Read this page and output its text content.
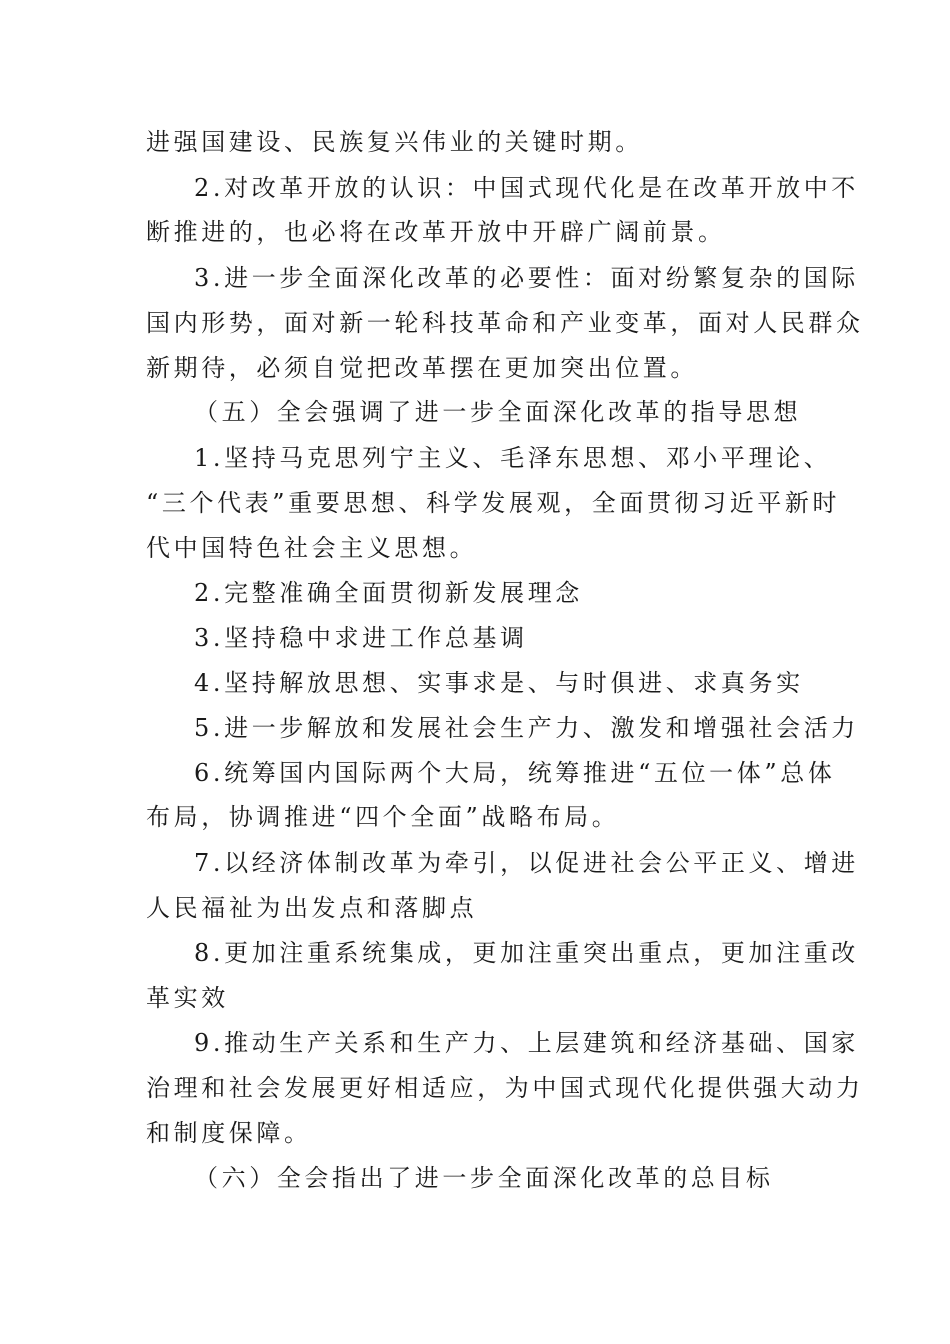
进强国建设、民族复兴伟业的关键时期。
2.对改革开放的认识：中国式现代化是在改革开放中不
断推进的，也必将在改革开放中开辟广阔前景。
3.进一步全面深化改革的必要性：面对纷繁复杂的国际
国内形势，面对新一轮科技革命和产业变革，面对人民群众
新期待，必须自觉把改革摆在更加突出位置。
（五）全会强调了进一步全面深化改革的指导思想
1.坚持马克思列宁主义、毛泽东思想、邓小平理论、
“三个代表”重要思想、科学发展观，全面贯彻习近平新时
代中国特色社会主义思想。
2.完整准确全面贯彻新发展理念
3.坚持稳中求进工作总基调
4.坚持解放思想、实事求是、与时俱进、求真务实
5.进一步解放和发展社会生产力、激发和增强社会活力
6.统筹国内国际两个大局，统筹推进“五位一体”总体
布局，协调推进“四个全面”战略布局。
7.以经济体制改革为牵引，以促进社会公平正义、增进
人民福祉为出发点和落脚点
8.更加注重系统集成，更加注重突出重点，更加注重改
革实效
9.推动生产关系和生产力、上层建筑和经济基础、国家
治理和社会发展更好相适应，为中国式现代化提供强大动力
和制度保障。
（六）全会指出了进一步全面深化改革的总目标
